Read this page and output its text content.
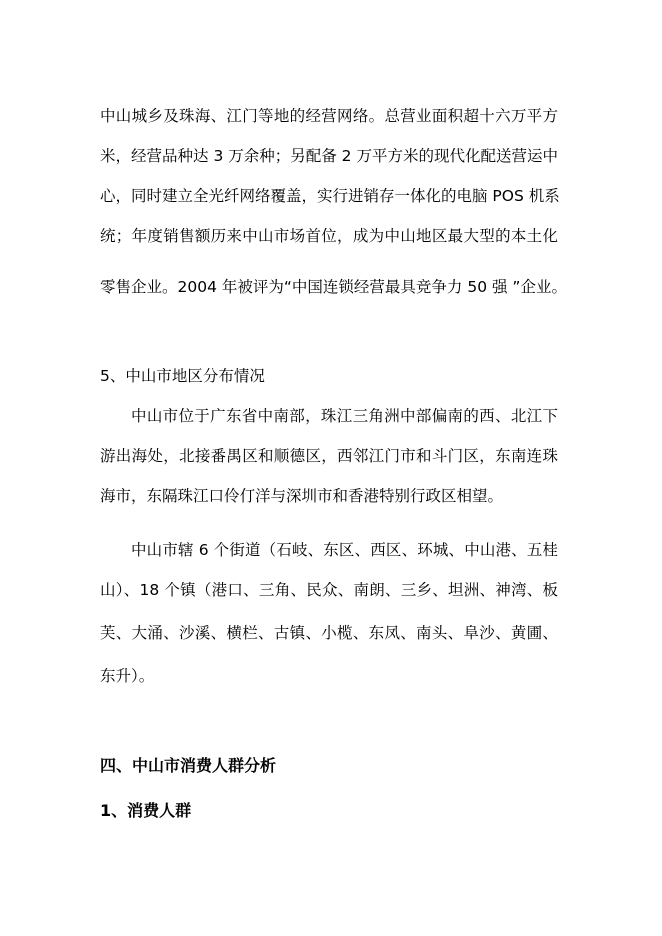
中山城乡及珠海、江门等地的经营网络。总营业面积超十六万平方
米，经营品种达 3 万余种；另配备 2 万平方米的现代化配送营运中
心，同时建立全光纤网络覆盖，实行进销存一体化的电脑 POS 机系
统；年度销售额历来中山市场首位，成为中山地区最大型的本土化
零售企业。2004 年被评为“中国连锁经营最具竞争力 50 强 ”企业。
5、中山市地区分布情况
中山市位于广东省中南部，珠江三角洲中部偏南的西、北江下
游出海处，北接番禺区和顺德区，西邻江门市和斗门区，东南连珠
海市，东隔珠江口伶仃洋与深圳市和香港特别行政区相望。
中山市辖 6 个街道（石岐、东区、西区、环城、中山港、五桂
山）、18 个镇（港口、三角、民众、南朗、三乡、坦洲、神湾、板
芙、大涌、沙溪、横栏、古镇、小榄、东凤、南头、阜沙、黄圃、
东升）。
四、中山市消费人群分析
1、消费人群
